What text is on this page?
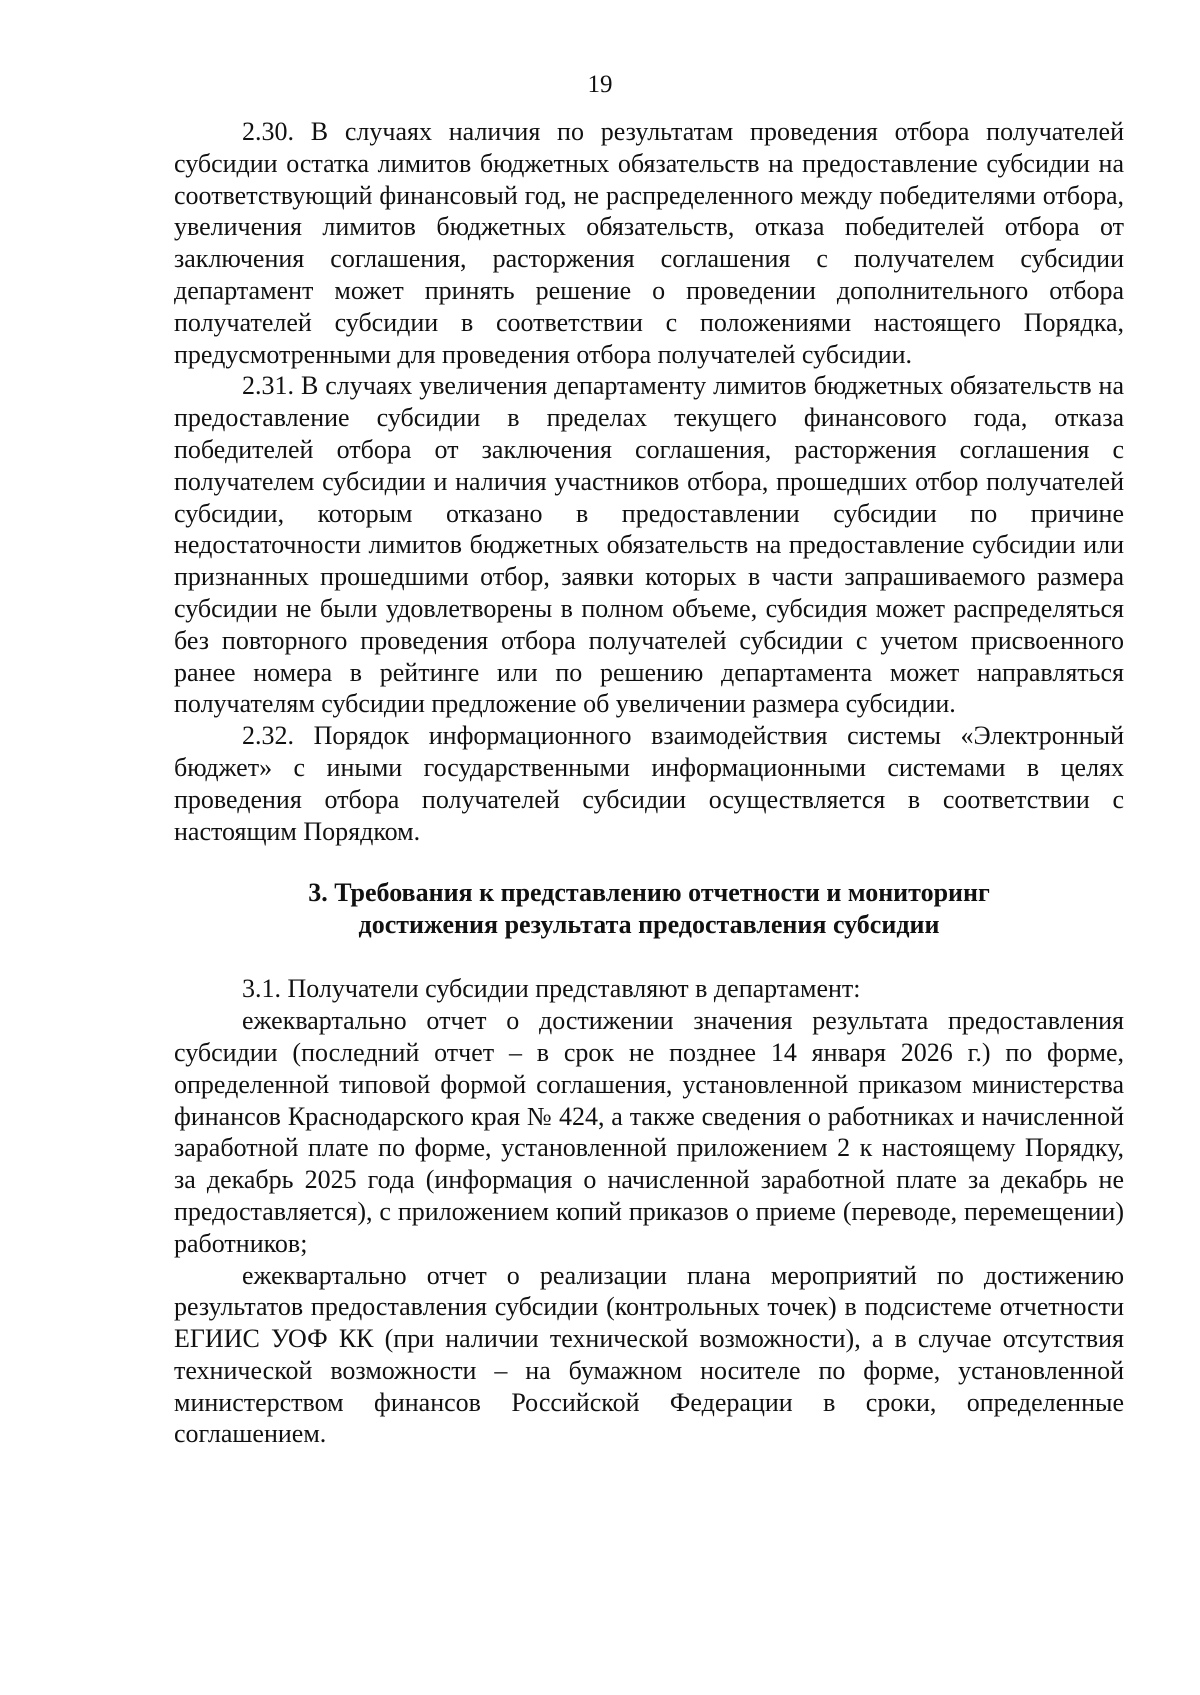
19

2.30. В случаях наличия по результатам проведения отбора получателей субсидии остатка лимитов бюджетных обязательств на предоставление субсидии на соответствующий финансовый год, не распределенного между победителями отбора, увеличения лимитов бюджетных обязательств, отказа победителей отбора от заключения соглашения, расторжения соглашения с получателем субсидии департамент может принять решение о проведении дополнительного отбора получателей субсидии в соответствии с положениями настоящего Порядка, предусмотренными для проведения отбора получателей субсидии.

2.31. В случаях увеличения департаменту лимитов бюджетных обязательств на предоставление субсидии в пределах текущего финансового года, отказа победителей отбора от заключения соглашения, расторжения соглашения с получателем субсидии и наличия участников отбора, прошедших отбор получателей субсидии, которым отказано в предоставлении субсидии по причине недостаточности лимитов бюджетных обязательств на предоставление субсидии или признанных прошедшими отбор, заявки которых в части запрашиваемого размера субсидии не были удовлетворены в полном объеме, субсидия может распределяться без повторного проведения отбора получателей субсидии с учетом присвоенного ранее номера в рейтинге или по решению департамента может направляться получателям субсидии предложение об увеличении размера субсидии.

2.32. Порядок информационного взаимодействия системы «Электронный бюджет» с иными государственными информационными системами в целях проведения отбора получателей субсидии осуществляется в соответствии с настоящим Порядком.

3. Требования к представлению отчетности и мониторинг
достижения результата предоставления субсидии

3.1. Получатели субсидии представляют в департамент:

ежеквартально отчет о достижении значения результата предоставления субсидии (последний отчет – в срок не позднее 14 января 2026 г.) по форме, определенной типовой формой соглашения, установленной приказом министерства финансов Краснодарского края № 424, а также сведения о работниках и начисленной заработной плате по форме, установленной приложением 2 к настоящему Порядку, за декабрь 2025 года (информация о начисленной заработной плате за декабрь не предоставляется), с приложением копий приказов о приеме (переводе, перемещении) работников;

ежеквартально отчет о реализации плана мероприятий по достижению результатов предоставления субсидии (контрольных точек) в подсистеме отчетности ЕГИИС УОФ КК (при наличии технической возможности), а в случае отсутствия технической возможности – на бумажном носителе по форме, установленной министерством финансов Российской Федерации в сроки, определенные соглашением.
